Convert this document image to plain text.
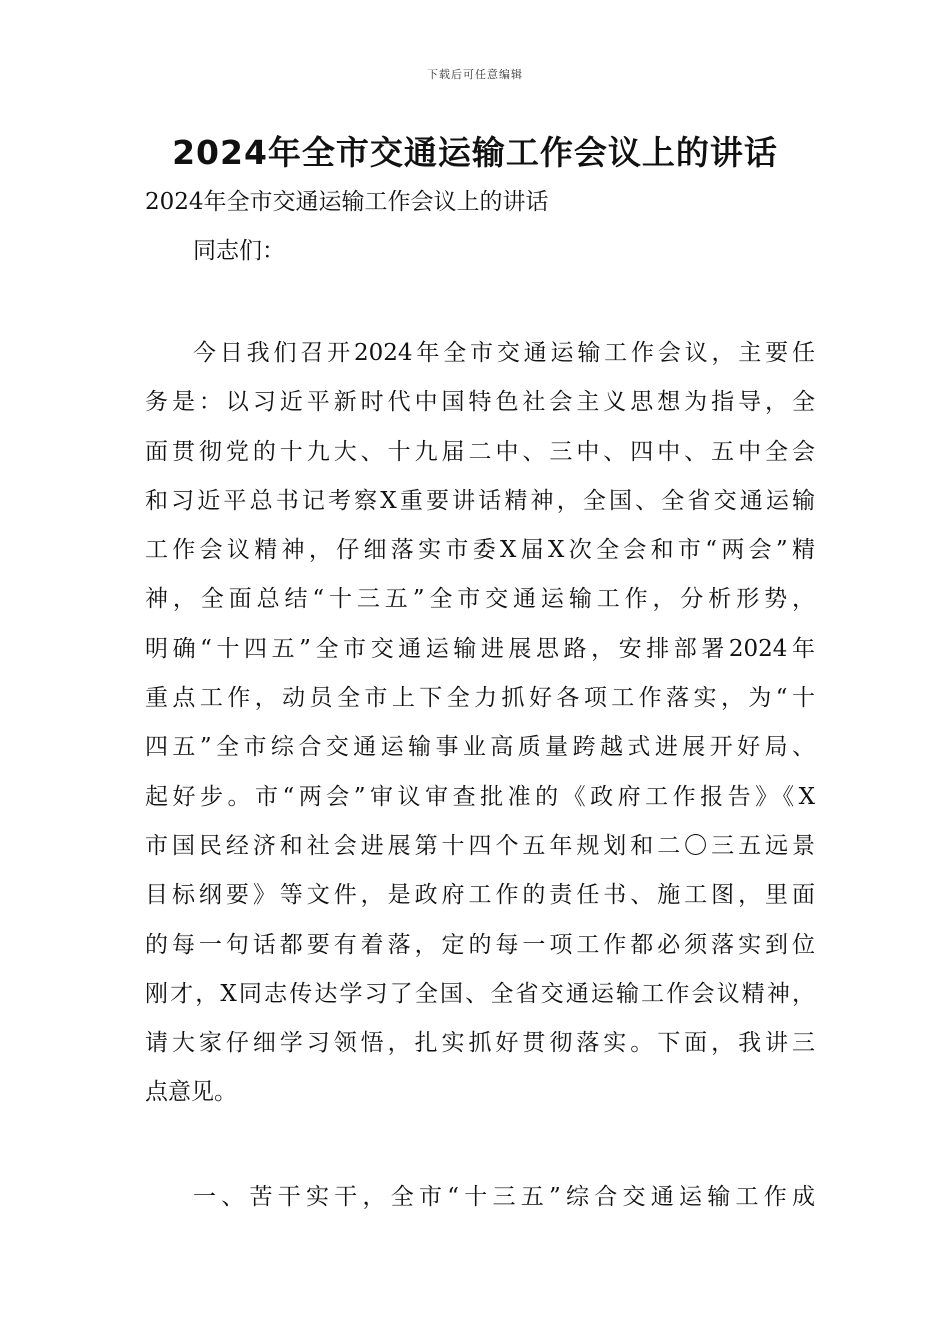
下载后可任意编辑
2024年全市交通运输工作会议上的讲话
2024年全市交通运输工作会议上的讲话
同志们：
今日我们召开2024年全市交通运输工作会议，主要任
务是：以习近平新时代中国特色社会主义思想为指导，全
面贯彻党的十九大、十九届二中、三中、四中、五中全会
和习近平总书记考察X重要讲话精神，全国、全省交通运输
工作会议精神，仔细落实市委X届X次全会和市“两会”精
神，全面总结“十三五”全市交通运输工作，分析形势，
明确“十四五”全市交通运输进展思路，安排部署2024年
重点工作，动员全市上下全力抓好各项工作落实，为“十
四五”全市综合交通运输事业高质量跨越式进展开好局、
起好步。市“两会”审议审查批准的《政府工作报告》《X
市国民经济和社会进展第十四个五年规划和二〇三五远景
目标纲要》等文件，是政府工作的责任书、施工图，里面
的每一句话都要有着落，定的每一项工作都必须落实到位
刚才，X同志传达学习了全国、全省交通运输工作会议精神，
请大家仔细学习领悟，扎实抓好贯彻落实。下面，我讲三
点意见。
一、苦干实干，全市“十三五”综合交通运输工作成
